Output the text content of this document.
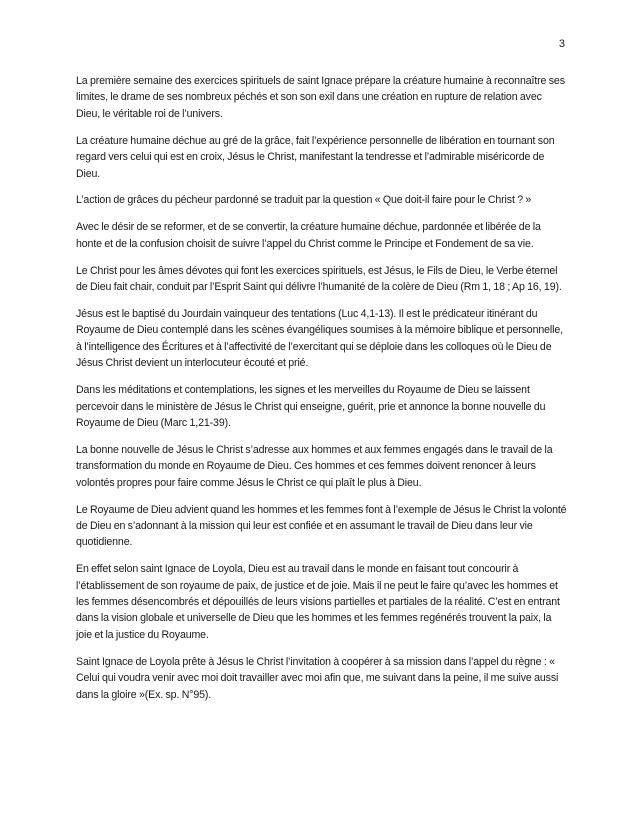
3

La première semaine des exercices spirituels de saint Ignace prépare la créature humaine à reconnaître ses limites, le drame de ses nombreux péchés et son son exil dans une création en rupture de relation avec Dieu, le véritable roi de l’univers.

La créature humaine déchue au gré de la grâce, fait l’expérience personnelle de libération en tournant son regard vers celui qui est en croix, Jésus le Christ, manifestant la tendresse et l’admirable miséricorde de Dieu.

L’action de grâces du pécheur pardonné se traduit par la question « Que doit-il faire pour le Christ ? »

Avec le désir de se reformer, et de se convertir, la créature humaine déchue, pardonnée et libérée de la honte et de la confusion choisit de suivre l’appel du Christ comme le Principe et Fondement de sa vie.

Le Christ pour les âmes dévotes qui font les exercices spirituels, est Jésus, le Fils de Dieu, le Verbe éternel de Dieu fait chair, conduit par l’Esprit Saint qui délivre l’humanité de la colère de Dieu (Rm 1, 18 ; Ap 16, 19).

Jésus est le baptisé du Jourdain vainqueur des tentations (Luc 4,1-13). Il est le prédicateur itinérant du Royaume de Dieu contemplé dans les scènes évangéliques soumises à la mémoire biblique et personnelle, à l’intelligence des Écritures et à l’affectivité de l’exercitant qui se déploie dans les colloques où le Dieu de Jésus Christ devient un interlocuteur écouté et prié.

Dans les méditations et contemplations, les signes et les merveilles du Royaume de Dieu se laissent percevoir dans le ministère de Jésus le Christ qui enseigne, guérit, prie et annonce la bonne nouvelle du Royaume de Dieu (Marc 1,21-39).

La bonne nouvelle de Jésus le Christ s’adresse aux hommes et aux femmes engagés dans le travail de la transformation du monde en Royaume de Dieu. Ces hommes et ces femmes doivent renoncer à leurs volontés propres pour faire comme Jésus le Christ ce qui plaît le plus à Dieu.

Le Royaume de Dieu advient quand les hommes et les femmes font à l’exemple de Jésus le Christ la volonté de Dieu en s’adonnant à la mission qui leur est confiée et en assumant le travail de Dieu dans leur vie quotidienne.

En effet selon saint Ignace de Loyola, Dieu est au travail dans le monde en faisant tout concourir à l’établissement de son royaume de paix, de justice et de joie. Mais il ne peut le faire qu’avec les hommes et les femmes désencombrés et dépouillés de leurs visions partielles et partiales de la réalité. C’est en entrant dans la vision globale et universelle de Dieu que les hommes et les femmes regénérés trouvent la paix, la joie et la justice du Royaume.

Saint Ignace de Loyola prête à Jésus le Christ l’invitation à coopérer à sa mission dans l’appel du règne : « Celui qui voudra venir avec moi doit travailler avec moi afin que, me suivant dans la peine, il me suive aussi dans la gloire »(Ex. sp. N°95).
